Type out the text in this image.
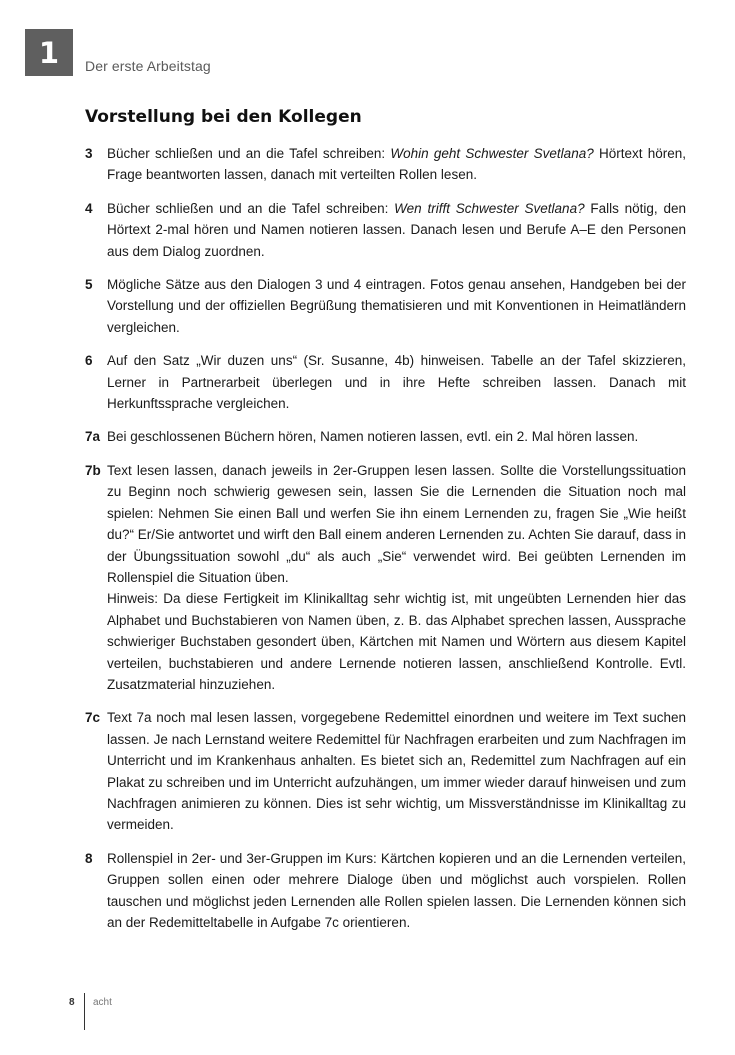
1	Der erste Arbeitstag
Vorstellung bei den Kollegen
3	Bücher schließen und an die Tafel schreiben: Wohin geht Schwester Svetlana? Hörtext hören, Frage beantworten lassen, danach mit verteilten Rollen lesen.
4	Bücher schließen und an die Tafel schreiben: Wen trifft Schwester Svetlana? Falls nötig, den Hörtext 2-mal hören und Namen notieren lassen. Danach lesen und Berufe A–E den Personen aus dem Dialog zuordnen.
5	Mögliche Sätze aus den Dialogen 3 und 4 eintragen. Fotos genau ansehen, Handgeben bei der Vorstellung und der offiziellen Begrüßung thematisieren und mit Konventionen in Heimatländern vergleichen.
6	Auf den Satz „Wir duzen uns“ (Sr. Susanne, 4b) hinweisen. Tabelle an der Tafel skizzieren, Lerner in Partnerarbeit überlegen und in ihre Hefte schreiben lassen. Danach mit Herkunftssprache vergleichen.
7a Bei geschlossenen Büchern hören, Namen notieren lassen, evtl. ein 2. Mal hören lassen.
7b Text lesen lassen, danach jeweils in 2er-Gruppen lesen lassen. Sollte die Vorstellungssituation zu Beginn noch schwierig gewesen sein, lassen Sie die Lernenden die Situation noch mal spielen: Nehmen Sie einen Ball und werfen Sie ihn einem Lernenden zu, fragen Sie „Wie heißt du?“ Er/Sie antwortet und wirft den Ball einem anderen Lernenden zu. Achten Sie darauf, dass in der Übungssituation sowohl „du“ als auch „Sie“ verwendet wird. Bei geübten Lernenden im Rollenspiel die Situation üben.

Hinweis: Da diese Fertigkeit im Klinikalltag sehr wichtig ist, mit ungeübten Lernenden hier das Alphabet und Buchstabieren von Namen üben, z. B. das Alphabet sprechen lassen, Aussprache schwieriger Buchstaben gesondert üben, Kärtchen mit Namen und Wörtern aus diesem Kapitel verteilen, buchstabieren und andere Lernende notieren lassen, anschließend Kontrolle. Evtl. Zusatzmaterial hinzuziehen.

7c Text 7a noch mal lesen lassen, vorgegebene Redemittel einordnen und weitere im Text suchen lassen. Je nach Lernstand weitere Redemittel für Nachfragen erarbeiten und zum Nachfragen im Unterricht und im Krankenhaus anhalten. Es bietet sich an, Redemittel zum Nachfragen auf ein Plakat zu schreiben und im Unterricht aufzuhängen, um immer wieder darauf hinweisen und zum Nachfragen animieren zu können. Dies ist sehr wichtig, um Missverständnisse im Klinikalltag zu vermeiden.
8	Rollenspiel in 2er- und 3er-Gruppen im Kurs: Kärtchen kopieren und an die Lernenden verteilen, Gruppen sollen einen oder mehrere Dialoge üben und möglichst auch vorspielen. Rollen tauschen und möglichst jeden Lernenden alle Rollen spielen lassen. Die Lernenden können sich an der Redemitteltabelle in Aufgabe 7c orientieren.
8 acht
